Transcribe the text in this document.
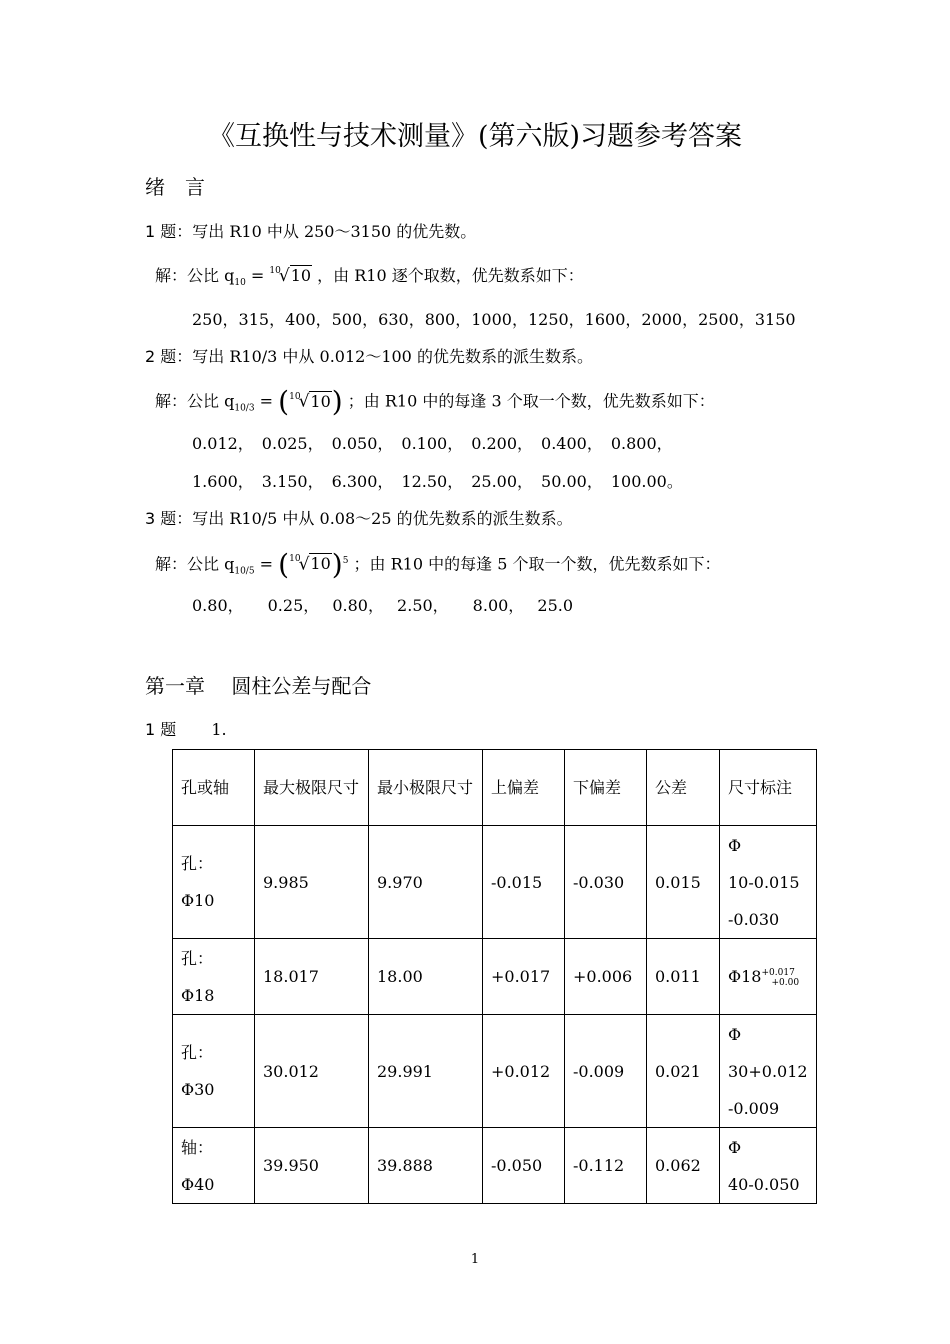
《互换性与技术测量》(第六版)习题参考答案
绪　言
1 题：写出 R10 中从 250～3150 的优先数。
解：公比 $q_{10} = ^{10}√10$ ，由 R10 逐个取数，优先数系如下：
250，315，400，500，630，800，1000，1250，1600，2000，2500，3150
2 题：写出 R10/3 中从 0.012～100 的优先数系的派生数系。
解：公比 $q_{10/3} = (^{10}√10)$ ；由 R10 中的每逢 3 个取一个数，优先数系如下：
0.012，　0.025，　0.050，　0.100，　0.200，　0.400，　0.800，
1.600，　3.150，　6.300，　12.50，　25.00，　50.00，　100.00。
3 题：写出 R10/5 中从 0.08～25 的优先数系的派生数系。
解：公比 $q_{10/5} = (^{10}√10)^5$ ；由 R10 中的每逢 5 个取一个数，优先数系如下：
0.80，　　0.25，　 0.80，　 2.50，　　8.00，　 25.0
第一章　 圆柱公差与配合
1 题 1.
孔或轴	最大极限尺寸	最小极限尺寸	上偏差	下偏差	公差	尺寸标注
孔：Φ10	9.985	9.970	-0.015	-0.030	0.015	Φ
10-0.015
-0.030

孔：Φ18	18.017	18.00	+0.017	+0.006	0.011	Φ18+0.017
+0.00
孔：Φ30	30.012	29.991	+0.012	-0.009	0.021	Φ
30+0.012
-0.009

轴：Φ40	39.950	39.888	-0.050	-0.112	0.062	Φ
40-0.050
1
